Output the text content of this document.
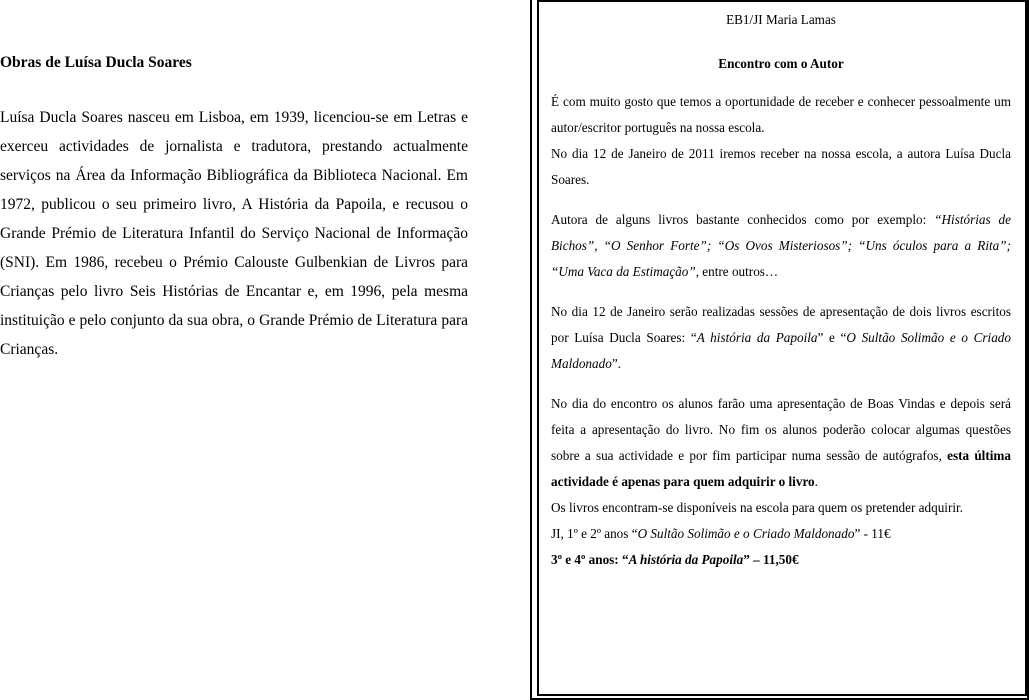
Obras de Luísa Ducla Soares

Luísa Ducla Soares nasceu em Lisboa, em 1939, licenciou-se em Letras e exerceu actividades de jornalista e tradutora, prestando actualmente serviços na Área da Informação Bibliográfica da Biblioteca Nacional. Em 1972, publicou o seu primeiro livro, A História da Papoila, e recusou o Grande Prémio de Literatura Infantil do Serviço Nacional de Informação (SNI). Em 1986, recebeu o Prémio Calouste Gulbenkian de Livros para Crianças pelo livro Seis Histórias de Encantar e, em 1996, pela mesma instituição e pelo conjunto da sua obra, o Grande Prémio de Literatura para Crianças.

EB1/JI Maria Lamas

Encontro com o Autor

É com muito gosto que temos a oportunidade de receber e conhecer pessoalmente um autor/escritor português na nossa escola.

No dia 12 de Janeiro de 2011 iremos receber na nossa escola, a autora Luísa Ducla Soares.

Autora de alguns livros bastante conhecidos como por exemplo: “Histórias de Bichos”, “O Senhor Forte”; “Os Ovos Misteriosos”; “Uns óculos para a Rita”; “Uma Vaca da Estimação”, entre outros…

No dia 12 de Janeiro serão realizadas sessões de apresentação de dois livros escritos por Luísa Ducla Soares: “A história da Papoila” e “O Sultão Solimão e o Criado Maldonado”.

No dia do encontro os alunos farão uma apresentação de Boas Vindas e depois será feita a apresentação do livro. No fim os alunos poderão colocar algumas questões sobre a sua actividade e por fim participar numa sessão de autógrafos, esta última actividade é apenas para quem adquirir o livro.

Os livros encontram-se disponíveis na escola para quem os pretender adquirir.

JI, 1º e 2º anos “O Sultão Solimão e o Criado Maldonado” - 11€

3º e 4º anos: “A história da Papoila” – 11,50€
